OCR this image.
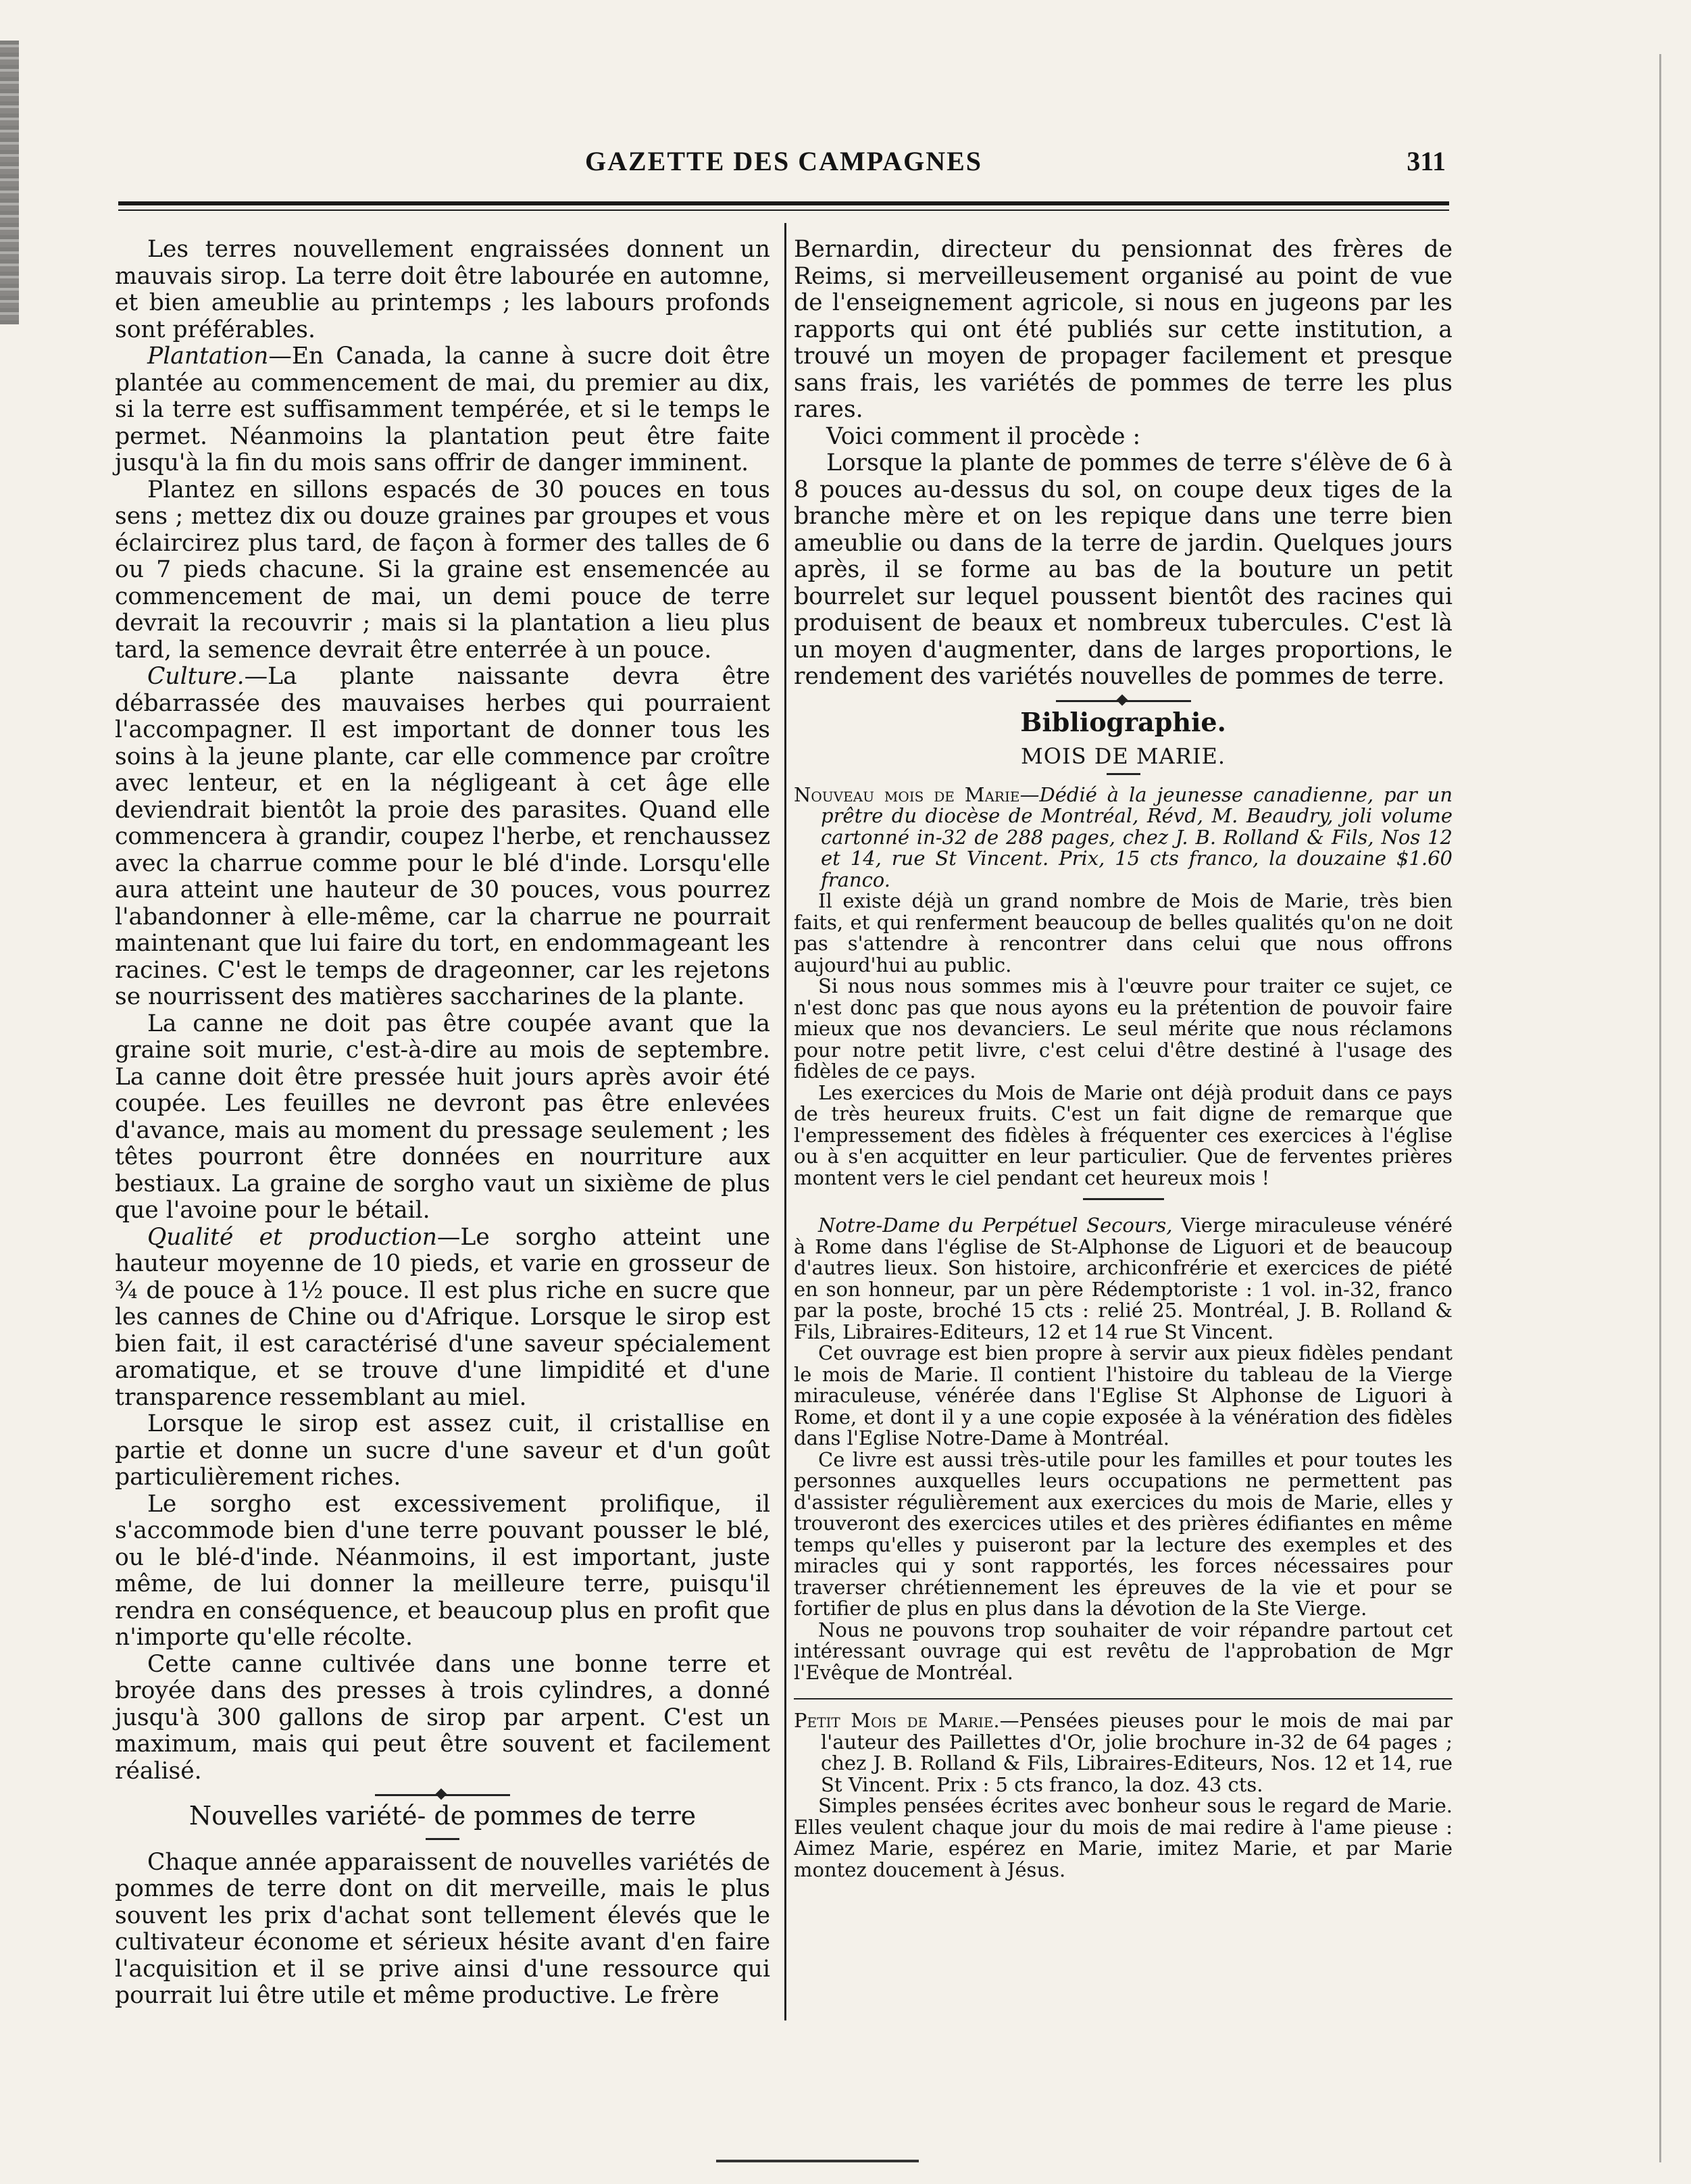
GAZETTE DES CAMPAGNES	311

Les terres nouvellement engraissées donnent un mauvais sirop. La terre doit être labourée en automne, et bien ameublie au printemps ; les labours profonds sont préférables.

Plantation—En Canada, la canne à sucre doit être plantée au commencement de mai, du premier au dix, si la terre est suffisamment tempérée, et si le temps le permet. Néanmoins la plantation peut être faite jusqu'à la fin du mois sans offrir de danger imminent.

Plantez en sillons espacés de 30 pouces en tous sens ; mettez dix ou douze graines par groupes et vous éclaircirez plus tard, de façon à former des talles de 6 ou 7 pieds chacune. Si la graine est ensemencée au commencement de mai, un demi pouce de terre devrait la recouvrir ; mais si la plantation a lieu plus tard, la semence devrait être enterrée à un pouce.

Culture.—La plante naissante devra être débarrassée des mauvaises herbes qui pourraient l'accompagner. Il est important de donner tous les soins à la jeune plante, car elle commence par croître avec lenteur, et en la négligeant à cet âge elle deviendrait bientôt la proie des parasites. Quand elle commencera à grandir, coupez l'herbe, et renchaussez avec la charrue comme pour le blé d'inde. Lorsqu'elle aura atteint une hauteur de 30 pouces, vous pourrez l'abandonner à elle-même, car la charrue ne pourrait maintenant que lui faire du tort, en endommageant les racines. C'est le temps de drageonner, car les rejetons se nourrissent des matières saccharines de la plante.

La canne ne doit pas être coupée avant que la graine soit murie, c'est-à-dire au mois de septembre. La canne doit être pressée huit jours après avoir été coupée. Les feuilles ne devront pas être enlevées d'avance, mais au moment du pressage seulement ; les têtes pourront être données en nourriture aux bestiaux. La graine de sorgho vaut un sixième de plus que l'avoine pour le bétail.

Qualité et production—Le sorgho atteint une hauteur moyenne de 10 pieds, et varie en grosseur de ¾ de pouce à 1½ pouce. Il est plus riche en sucre que les cannes de Chine ou d'Afrique. Lorsque le sirop est bien fait, il est caractérisé d'une saveur spécialement aromatique, et se trouve d'une limpidité et d'une transparence ressemblant au miel.

Lorsque le sirop est assez cuit, il cristallise en partie et donne un sucre d'une saveur et d'un goût particulièrement riches.

Le sorgho est excessivement prolifique, il s'accommode bien d'une terre pouvant pousser le blé, ou le blé-d'inde. Néanmoins, il est important, juste même, de lui donner la meilleure terre, puisqu'il rendra en conséquence, et beaucoup plus en profit que n'importe qu'elle récolte.

Cette canne cultivée dans une bonne terre et broyée dans des presses à trois cylindres, a donné jusqu'à 300 gallons de sirop par arpent. C'est un maximum, mais qui peut être souvent et facilement réalisé.

Nouvelles variété- de pommes de terre

Chaque année apparaissent de nouvelles variétés de pommes de terre dont on dit merveille, mais le plus souvent les prix d'achat sont tellement élevés que le cultivateur économe et sérieux hésite avant d'en faire l'acquisition et il se prive ainsi d'une ressource qui pourrait lui être utile et même productive. Le frère

Bernardin, directeur du pensionnat des frères de Reims, si merveilleusement organisé au point de vue de l'enseignement agricole, si nous en jugeons par les rapports qui ont été publiés sur cette institution, a trouvé un moyen de propager facilement et presque sans frais, les variétés de pommes de terre les plus rares.

Voici comment il procède :

Lorsque la plante de pommes de terre s'élève de 6 à 8 pouces au-dessus du sol, on coupe deux tiges de la branche mère et on les repique dans une terre bien ameublie ou dans de la terre de jardin. Quelques jours après, il se forme au bas de la bouture un petit bourrelet sur lequel poussent bientôt des racines qui produisent de beaux et nombreux tubercules. C'est là un moyen d'augmenter, dans de larges proportions, le rendement des variétés nouvelles de pommes de terre.

Bibliographie.
MOIS DE MARIE.

Nouveau mois de Marie—Dédié à la jeunesse canadienne, par un prêtre du diocèse de Montréal, Révd, M. Beaudry, joli volume cartonné in-32 de 288 pages, chez J. B. Rolland & Fils, Nos 12 et 14, rue St Vincent. Prix, 15 cts franco, la douzaine $1.60 franco.

Il existe déjà un grand nombre de Mois de Marie, très bien faits, et qui renferment beaucoup de belles qualités qu'on ne doit pas s'attendre à rencontrer dans celui que nous offrons aujourd'hui au public.

Si nous nous sommes mis à l'œuvre pour traiter ce sujet, ce n'est donc pas que nous ayons eu la prétention de pouvoir faire mieux que nos devanciers. Le seul mérite que nous réclamons pour notre petit livre, c'est celui d'être destiné à l'usage des fidèles de ce pays.

Les exercices du Mois de Marie ont déjà produit dans ce pays de très heureux fruits. C'est un fait digne de remarque que l'empressement des fidèles à fréquenter ces exercices à l'église ou à s'en acquitter en leur particulier. Que de ferventes prières montent vers le ciel pendant cet heureux mois !

Notre-Dame du Perpétuel Secours, Vierge miraculeuse vénéré à Rome dans l'église de St-Alphonse de Liguori et de beaucoup d'autres lieux. Son histoire, archiconfrérie et exercices de piété en son honneur, par un père Rédemptoriste : 1 vol. in-32, franco par la poste, broché 15 cts : relié 25. Montréal, J. B. Rolland & Fils, Libraires-Editeurs, 12 et 14 rue St Vincent.

Cet ouvrage est bien propre à servir aux pieux fidèles pendant le mois de Marie. Il contient l'histoire du tableau de la Vierge miraculeuse, vénérée dans l'Eglise St Alphonse de Liguori à Rome, et dont il y a une copie exposée à la vénération des fidèles dans l'Eglise Notre-Dame à Montréal.

Ce livre est aussi très-utile pour les familles et pour toutes les personnes auxquelles leurs occupations ne permettent pas d'assister régulièrement aux exercices du mois de Marie, elles y trouveront des exercices utiles et des prières édifiantes en même temps qu'elles y puiseront par la lecture des exemples et des miracles qui y sont rapportés, les forces nécessaires pour traverser chrétiennement les épreuves de la vie et pour se fortifier de plus en plus dans la dévotion de la Ste Vierge.

Nous ne pouvons trop souhaiter de voir répandre partout cet intéressant ouvrage qui est revêtu de l'approbation de Mgr l'Evêque de Montréal.

Petit Mois de Marie.—Pensées pieuses pour le mois de mai par l'auteur des Paillettes d'Or, jolie brochure in-32 de 64 pages ; chez J. B. Rolland & Fils, Libraires-Editeurs, Nos. 12 et 14, rue St Vincent. Prix : 5 cts franco, la doz. 43 cts.

Simples pensées écrites avec bonheur sous le regard de Marie. Elles veulent chaque jour du mois de mai redire à l'ame pieuse : Aimez Marie, espérez en Marie, imitez Marie, et par Marie montez doucement à Jésus.
